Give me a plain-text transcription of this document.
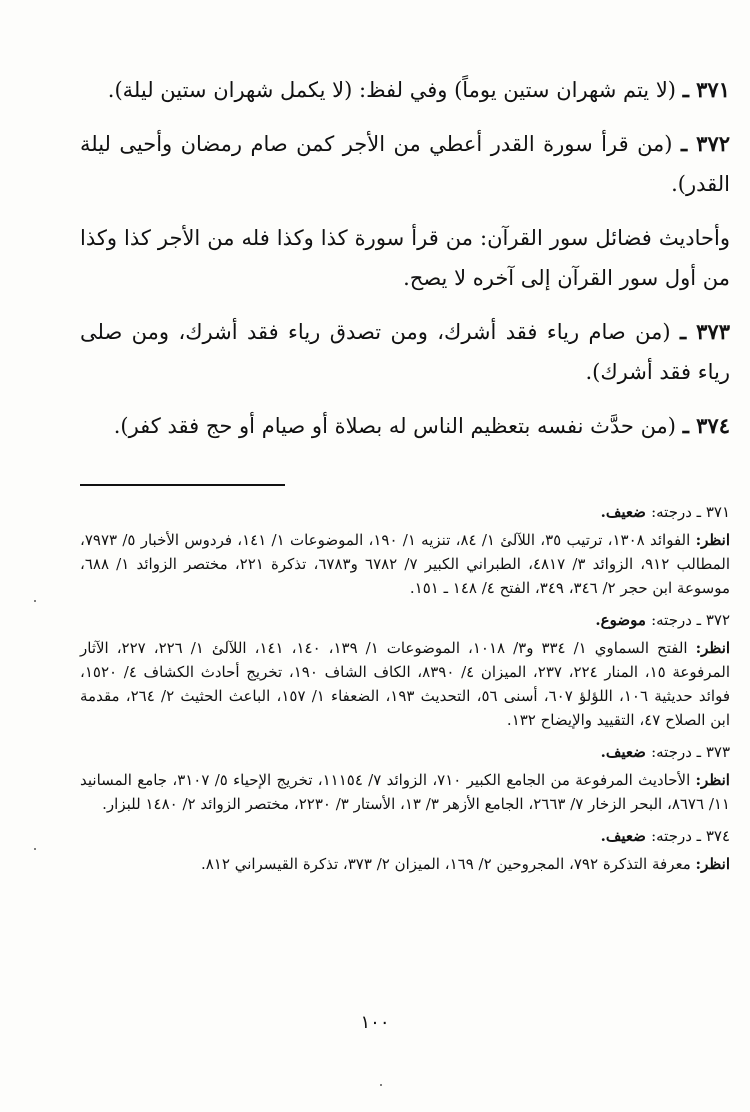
٣٧١ ـ (لا يتم شهران ستين يوماً) وفي لفظ: (لا يكمل شهران ستين ليلة).

٣٧٢ ـ (من قرأ سورة القدر أعطي من الأجر كمن صام رمضان وأحيى ليلة القدر).

وأحاديث فضائل سور القرآن: من قرأ سورة كذا وكذا فله من الأجر كذا وكذا من أول سور القرآن إلى آخره لا يصح.

٣٧٣ ـ (من صام رياء فقد أشرك، ومن تصدق رياء فقد أشرك، ومن صلى رياء فقد أشرك).

٣٧٤ ـ (من حدَّث نفسه بتعظيم الناس له بصلاة أو صيام أو حج فقد كفر).

٣٧١ ـ درجته: ضعيف.

انظر: الفوائد ١٣٠٨، ترتيب ٣٥، اللآلئ ١/ ٨٤، تنزيه ١/ ١٩٠، الموضوعات ١/ ١٤١، فردوس الأخبار ٥/ ٧٩٧٣، المطالب ٩١٢، الزوائد ٣/ ٤٨١٧، الطبراني الكبير ٧/ ٦٧٨٢ و٦٧٨٣، تذكرة ٢٢١، مختصر الزوائد ١/ ٦٨٨، موسوعة ابن حجر ٢/ ٣٤٦، ٣٤٩، الفتح ٤/ ١٤٨ ـ ١٥١.

٣٧٢ ـ درجته: موضوع.

انظر: الفتح السماوي ١/ ٣٣٤ و٣/ ١٠١٨، الموضوعات ١/ ١٣٩، ١٤٠، ١٤١، اللآلئ ١/ ٢٢٦، ٢٢٧، الآثار المرفوعة ١٥، المنار ٢٢٤، ٢٣٧، الميزان ٤/ ٨٣٩٠، الكاف الشاف ١٩٠، تخريج أحادث الكشاف ٤/ ١٥٢٠، فوائد حديثية ١٠٦، اللؤلؤ ٦٠٧، أسنى ٥٦، التحديث ١٩٣، الضعفاء ١/ ١٥٧، الباعث الحثيث ٢/ ٢٦٤، مقدمة ابن الصلاح ٤٧، التقييد والإيضاح ١٣٢.

٣٧٣ ـ درجته: ضعيف.

انظر: الأحاديث المرفوعة من الجامع الكبير ٧١٠، الزوائد ٧/ ١١١٥٤، تخريج الإحياء ٥/ ٣١٠٧، جامع المسانيد ١١/ ٨٦٧٦، البحر الزخار ٧/ ٢٦٦٣، الجامع الأزهر ٣/ ١٣، الأستار ٣/ ٢٢٣٠، مختصر الزوائد ٢/ ١٤٨٠ للبزار.

٣٧٤ ـ درجته: ضعيف.

انظر: معرفة التذكرة ٧٩٢، المجروحين ٢/ ١٦٩، الميزان ٢/ ٣٧٣، تذكرة القيسراني ٨١٢.

١٠٠
